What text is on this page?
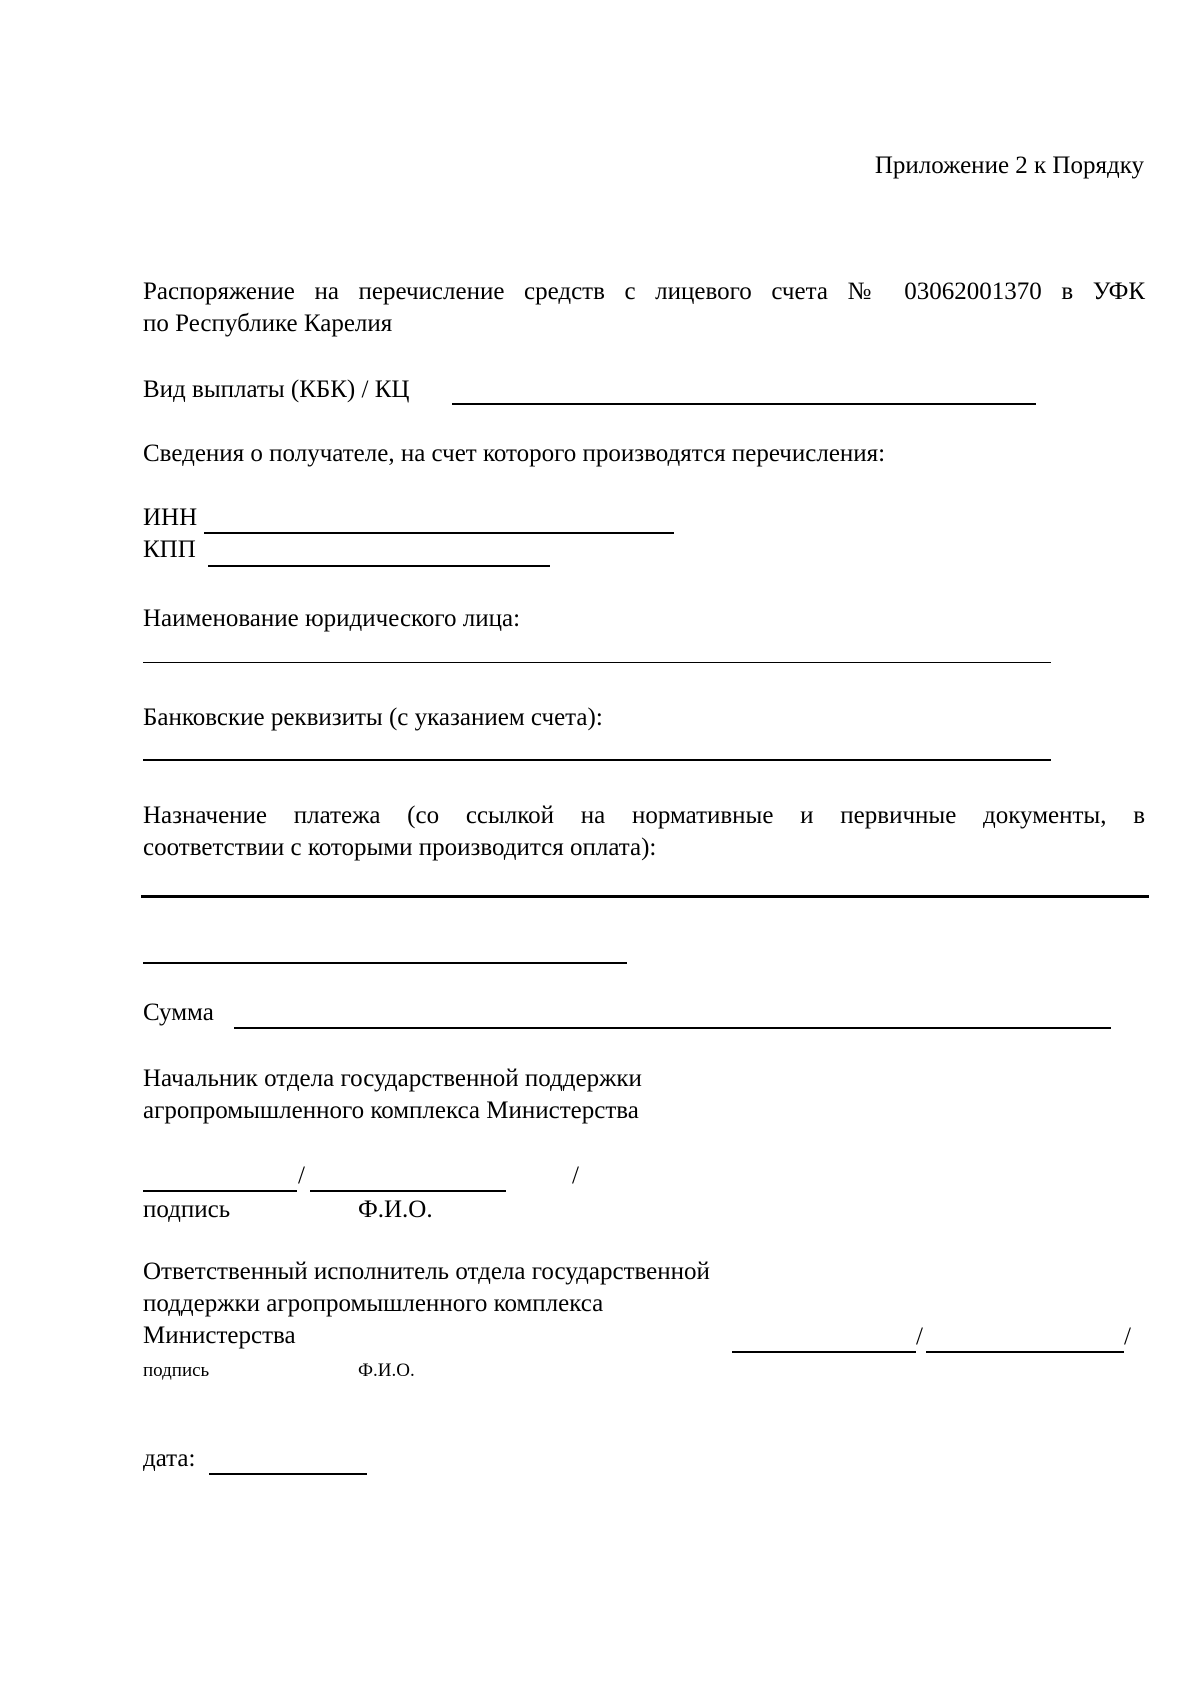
Приложение 2 к Порядку
Распоряжение на перечисление средств с лицевого счета № 03062001370 в УФК
по Республике Карелия
Вид выплаты (КБК) / КЦ
Сведения о получателе, на счет которого производятся перечисления:
ИНН
КПП
Наименование юридического лица:
Банковские реквизиты (с указанием счета):
Назначение платежа (со ссылкой на нормативные и первичные документы, в
соответствии с которыми производится оплата):
Сумма
Начальник отдела государственной поддержки
агропромышленного комплекса Министерства
/	/
подпись	Ф.И.О.
Ответственный исполнитель отдела государственной
поддержки агропромышленного комплекса
Министерства	/	/
подпись	Ф.И.О.
дата:
